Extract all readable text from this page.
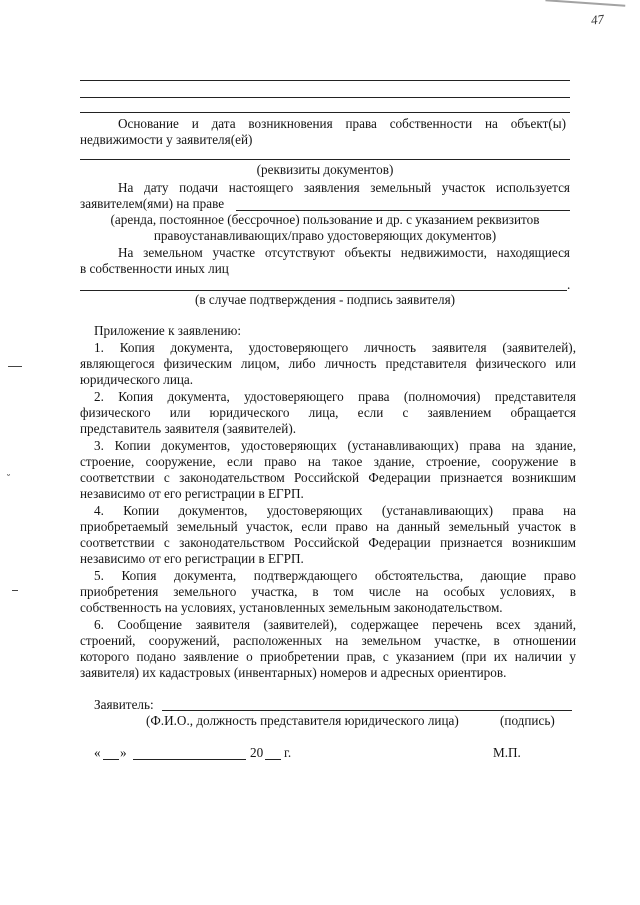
47
Основание и дата возникновения права собственности на объект(ы)
недвижимости у заявителя(ей)
(реквизиты документов)
На дату подачи настоящего заявления земельный участок используется
заявителем(ями) на праве
(аренда, постоянное (бессрочное) пользование и др. с указанием реквизитов
правоустанавливающих/право удостоверяющих документов)
На земельном участке отсутствуют объекты недвижимости, находящиеся
в собственности иных лиц
.
(в случае подтверждения - подпись заявителя)
Приложение к заявлению:
1. Копия документа, удостоверяющего личность заявителя (заявителей),
являющегося физическим лицом, либо личность представителя физического или
юридического лица.
2. Копия документа, удостоверяющего права (полномочия) представителя
физического или юридического лица, если с заявлением обращается
представитель заявителя (заявителей).
3. Копии документов, удостоверяющих (устанавливающих) права на здание,
строение, сооружение, если право на такое здание, строение, сооружение в
соответствии с законодательством Российской Федерации признается возникшим
независимо от его регистрации в ЕГРП.
4. Копии документов, удостоверяющих (устанавливающих) права на
приобретаемый земельный участок, если право на данный земельный участок в
соответствии с законодательством Российской Федерации признается возникшим
независимо от его регистрации в ЕГРП.
5. Копия документа, подтверждающего обстоятельства, дающие право
приобретения земельного участка, в том числе на особых условиях, в
собственность на условиях, установленных земельным законодательством.
6. Сообщение заявителя (заявителей), содержащее перечень всех зданий,
строений, сооружений, расположенных на земельном участке, в отношении
которого подано заявление о приобретении прав, с указанием (при их наличии у
заявителя) их кадастровых (инвентарных) номеров и адресных ориентиров.
Заявитель:
(Ф.И.О., должность представителя юридического лица)	(подпись)
« »	20 г.	М.П.
˘
